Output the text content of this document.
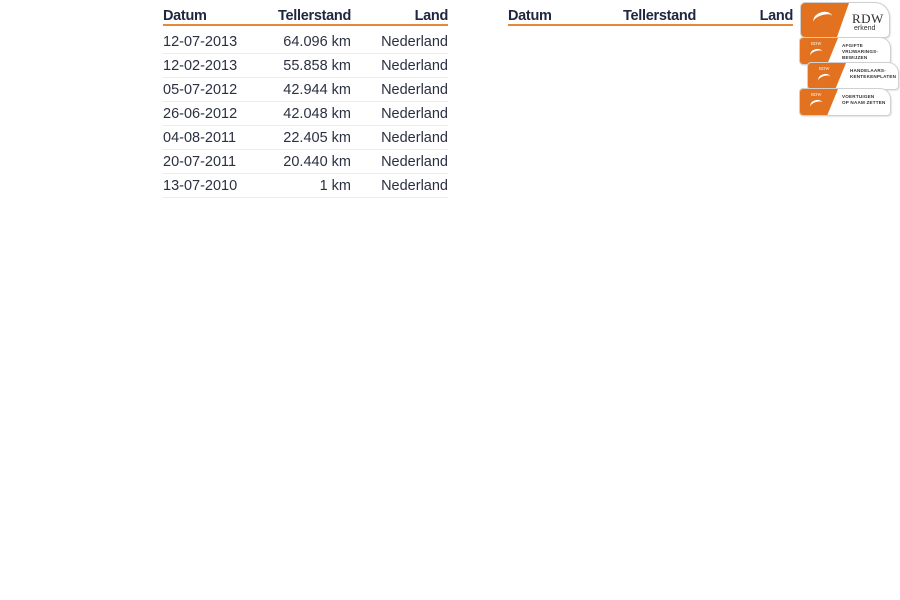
Datum	Tellerstand	Land
12-07-2013	64.096 km	Nederland
12-02-2013	55.858 km	Nederland
05-07-2012	42.944 km	Nederland
26-06-2012	42.048 km	Nederland
04-08-2011	22.405 km	Nederland
20-07-2011	20.440 km	Nederland
13-07-2010	1 km	Nederland
Datum	Tellerstand	Land	RDW
erkend
RDW	AFGIFTE
VRIJWARINGS-
BEWIJZEN
RDW	HANDELAARS-
KENTEKENPLATEN
RDW	VOERTUIGEN
OP NAAM ZETTEN
